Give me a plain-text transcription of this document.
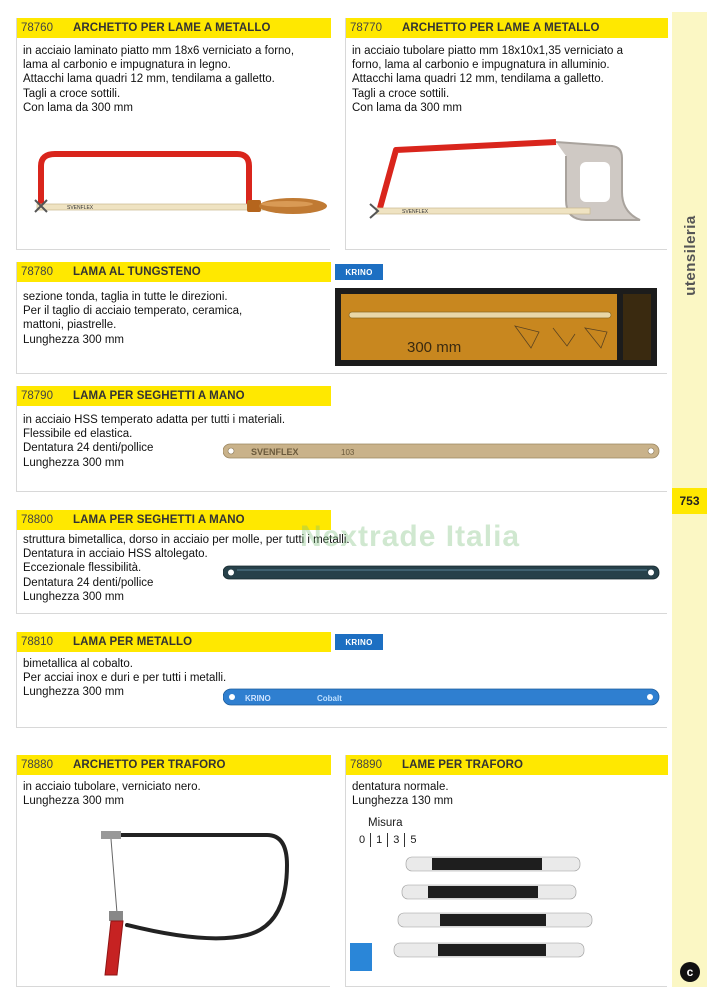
utensileria
753
c
78760	ARCHETTO PER LAME A METALLO
in acciaio laminato piatto mm 18x6 verniciato a forno,
lama al carbonio e impugnatura in legno.
Attacchi lama quadri 12 mm, tendilama a galletto.
Tagli a croce sottili.
Con lama da 300 mm
SVENFLEX
78770	ARCHETTO PER LAME A METALLO
in acciaio tubolare piatto mm 18x10x1,35 verniciato a
forno, lama al carbonio e impugnatura in alluminio.
Attacchi lama quadri 12 mm, tendilama a galletto.
Tagli a croce sottili.
Con lama da 300 mm
SVENFLEX
78780	LAMA AL TUNGSTENO	KRINO
sezione tonda, taglia in tutte le direzioni.
Per il taglio di acciaio temperato, ceramica,
mattoni, piastrelle.
Lunghezza 300 mm	300 mm
78790	LAMA PER SEGHETTI A MANO
in acciaio HSS temperato adatta per tutti i materiali.
Flessibile ed elastica.
Dentatura 24 denti/pollice
Lunghezza 300 mm
SVENFLEX	103
78800	LAMA PER SEGHETTI A MANO
struttura bimetallica, dorso in acciaio per molle, per tutti i metalli.
Dentatura in acciaio HSS altolegato.
Eccezionale flessibilità.
Dentatura 24 denti/pollice
Lunghezza 300 mm
Nextrade Italia
78810	LAMA PER METALLO	KRINO
bimetallica al cobalto.
Per acciai inox e duri e per tutti i metalli.
Lunghezza 300 mm
KRINO	Cobalt
78880	ARCHETTO PER TRAFORO
in acciaio tubolare, verniciato nero.
Lunghezza 300 mm
78890	LAME PER TRAFORO
dentatura normale.
Lunghezza 130 mm
Misura
0	1	3	5
